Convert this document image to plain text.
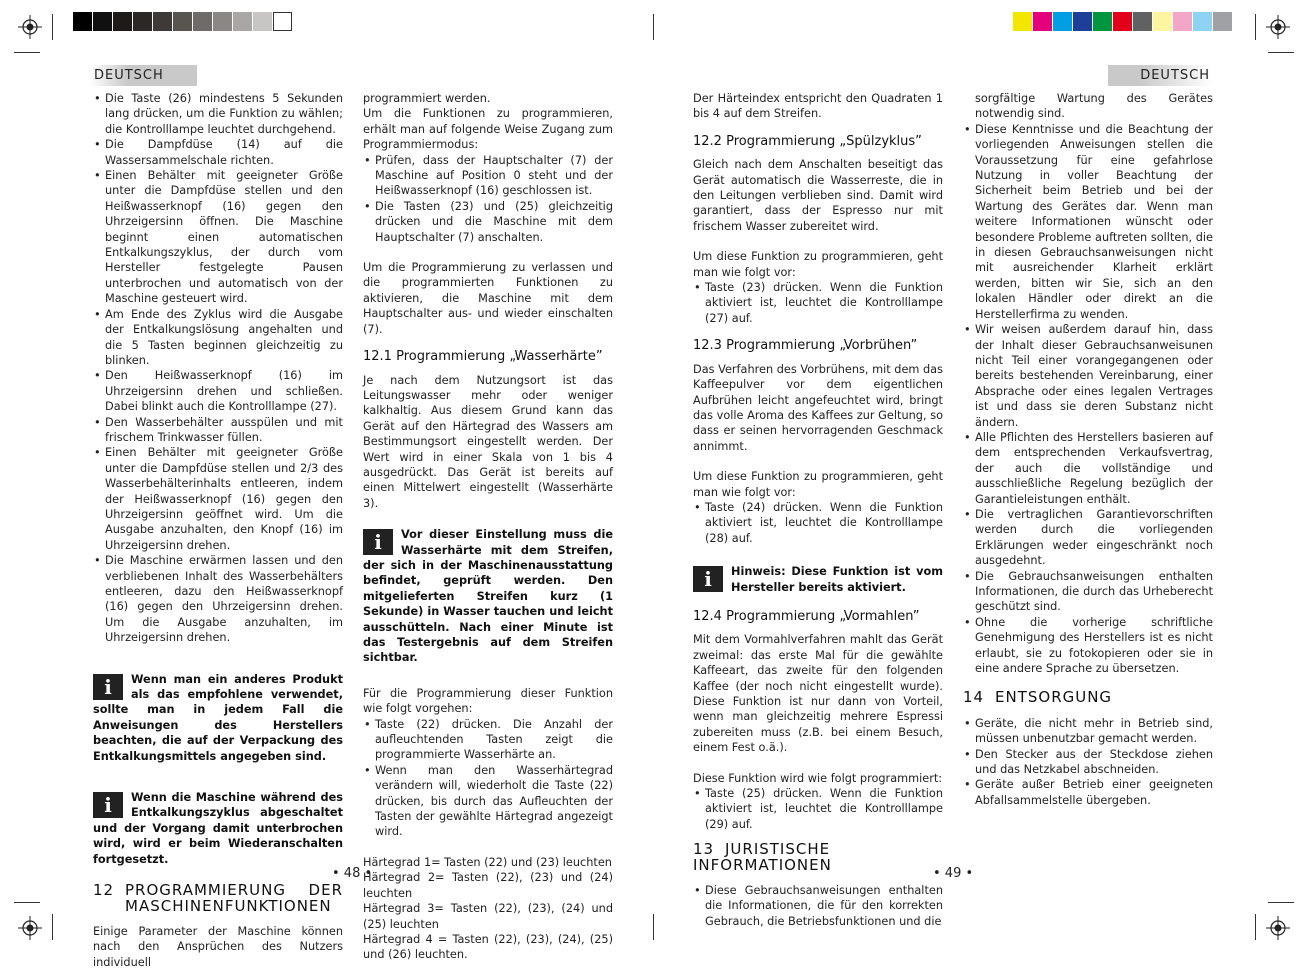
DEUTSCH	DEUTSCH
• Die Taste (26) mindestens 5 Sekunden lang drücken, um die Funktion zu wählen; die Kontrolllampe leuchtet durchgehend.
• Die Dampfdüse (14) auf die Wassersammelschale richten.
• Einen Behälter mit geeigneter Größe unter die Dampfdüse stellen und den Heißwasserknopf (16) gegen den Uhrzeigersinn öffnen. Die Maschine beginnt einen automatischen Entkalkungszyklus, der durch vom Hersteller festgelegte Pausen unterbrochen und automatisch von der Maschine gesteuert wird.
• Am Ende des Zyklus wird die Ausgabe der Entkalkungslösung angehalten und die 5 Tasten beginnen gleichzeitig zu blinken.
• Den Heißwasserknopf (16) im Uhrzeigersinn drehen und schließen. Dabei blinkt auch die Kontrolllampe (27).
• Den Wasserbehälter ausspülen und mit frischem Trinkwasser füllen.
• Einen Behälter mit geeigneter Größe unter die Dampfdüse stellen und 2/3 des Wasserbehälterinhalts entleeren, indem der Heißwasserknopf (16) gegen den Uhrzeigersinn geöffnet wird. Um die Ausgabe anzuhalten, den Knopf (16) im Uhrzeigersinn drehen.
• Die Maschine erwärmen lassen und den verbliebenen Inhalt des Wasserbehälters entleeren, dazu den Heißwasserknopf (16) gegen den Uhrzeigersinn drehen. Um die Ausgabe anzuhalten, im Uhrzeigersinn drehen.
i	Wenn man ein anderes Produkt als das empfohlene verwendet, sollte man in jedem Fall die Anweisungen des Herstellers beachten, die auf der Verpackung des Entkalkungsmittels angegeben sind.
i	Wenn die Maschine während des Entkalkungszyklus abgeschaltet und der Vorgang damit unterbrochen wird, wird er beim Wiederanschalten fortgesetzt.
12 PROGRAMMIERUNG DER MASCHINENFUNKTIONEN

Einige Parameter der Maschine können nach den Ansprüchen des Nutzers individuell

programmiert werden.

Um die Funktionen zu programmieren, erhält man auf folgende Weise Zugang zum Programmiermodus:

• Prüfen, dass der Hauptschalter (7) der Maschine auf Position 0 steht und der Heißwasserknopf (16) geschlossen ist.
• Die Tasten (23) und (25) gleichzeitig drücken und die Maschine mit dem Hauptschalter (7) anschalten.

Um die Programmierung zu verlassen und die programmierten Funktionen zu aktivieren, die Maschine mit dem Hauptschalter aus- und wieder einschalten (7).

12.1 Programmierung „Wasserhärte”

Je nach dem Nutzungsort ist das Leitungswasser mehr oder weniger kalkhaltig. Aus diesem Grund kann das Gerät auf den Härtegrad des Wassers am Bestimmungsort eingestellt werden. Der Wert wird in einer Skala von 1 bis 4 ausgedrückt. Das Gerät ist bereits auf einen Mittelwert eingestellt (Wasserhärte 3).

i	Vor dieser Einstellung muss die Wasserhärte mit dem Streifen, der sich in der Maschinenausstattung befindet, geprüft werden. Den mitgelieferten Streifen kurz (1 Sekunde) in Wasser tauchen und leicht ausschütteln. Nach einer Minute ist das Testergebnis auf dem Streifen sichtbar.

Für die Programmierung dieser Funktion wie folgt vorgehen:

• Taste (22) drücken. Die Anzahl der aufleuchtenden Tasten zeigt die programmierte Wasserhärte an.
• Wenn man den Wasserhärtegrad verändern will, wiederholt die Taste (22) drücken, bis durch das Aufleuchten der Tasten der gewählte Härtegrad angezeigt wird.

Härtegrad 1= Tasten (22) und (23) leuchten

Härtegrad 2= Tasten (22), (23) und (24) leuchten

Härtegrad 3= Tasten (22), (23), (24) und (25) leuchten

Härtegrad 4 = Tasten (22), (23), (24), (25) und (26) leuchten.

• 48 •

Der Härteindex entspricht den Quadraten 1 bis 4 auf dem Streifen.

12.2 Programmierung „Spülzyklus”

Gleich nach dem Anschalten beseitigt das Gerät automatisch die Wasserreste, die in den Leitungen verblieben sind. Damit wird garantiert, dass der Espresso nur mit frischem Wasser zubereitet wird.

Um diese Funktion zu programmieren, geht man wie folgt vor:

• Taste (23) drücken. Wenn die Funktion aktiviert ist, leuchtet die Kontrolllampe (27) auf.
12.3 Programmierung „Vorbrühen”

Das Verfahren des Vorbrühens, mit dem das Kaffeepulver vor dem eigentlichen Aufbrühen leicht angefeuchtet wird, bringt das volle Aroma des Kaffees zur Geltung, so dass er seinen hervorragenden Geschmack annimmt.

Um diese Funktion zu programmieren, geht man wie folgt vor:

• Taste (24) drücken. Wenn die Funktion aktiviert ist, leuchtet die Kontrolllampe (28) auf.
i	Hinweis: Diese Funktion ist vom Hersteller bereits aktiviert.
12.4 Programmierung „Vormahlen”

Mit dem Vormahlverfahren mahlt das Gerät zweimal: das erste Mal für die gewählte Kaffeeart, das zweite für den folgenden Kaffee (der noch nicht eingestellt wurde). Diese Funktion ist nur dann von Vorteil, wenn man gleichzeitig mehrere Espressi zubereiten muss (z.B. bei einem Besuch, einem Fest o.ä.).

Diese Funktion wird wie folgt programmiert:

• Taste (25) drücken. Wenn die Funktion aktiviert ist, leuchtet die Kontrolllampe (29) auf.
13 JURISTISCHE INFORMATIONEN
• Diese Gebrauchsanweisungen enthalten die Informationen, die für den korrekten Gebrauch, die Betriebsfunktionen und die

sorgfältige Wartung des Gerätes notwendig sind.

• Diese Kenntnisse und die Beachtung der vorliegenden Anweisungen stellen die Voraussetzung für eine gefahrlose Nutzung in voller Beachtung der Sicherheit beim Betrieb und bei der Wartung des Gerätes dar. Wenn man weitere Informationen wünscht oder besondere Probleme auftreten sollten, die in diesen Gebrauchsanweisungen nicht mit ausreichender Klarheit erklärt werden, bitten wir Sie, sich an den lokalen Händler oder direkt an die Herstellerfirma zu wenden.
• Wir weisen außerdem darauf hin, dass der Inhalt dieser Gebrauchsanweisunen nicht Teil einer vorangegangenen oder bereits bestehenden Vereinbarung, einer Absprache oder eines legalen Vertrages ist und dass sie deren Substanz nicht ändern.
• Alle Pflichten des Herstellers basieren auf dem entsprechenden Verkaufsvertrag, der auch die vollständige und ausschließliche Regelung bezüglich der Garantieleistungen enthält.
• Die vertraglichen Garantievorschriften werden durch die vorliegenden Erklärungen weder eingeschränkt noch ausgedehnt.
• Die Gebrauchsanweisungen enthalten Informationen, die durch das Urheberecht geschützt sind.
• Ohne die vorherige schriftliche Genehmigung des Herstellers ist es nicht erlaubt, sie zu fotokopieren oder sie in eine andere Sprache zu übersetzen.
14 ENTSORGUNG
• Geräte, die nicht mehr in Betrieb sind, müssen unbenutzbar gemacht werden.
• Den Stecker aus der Steckdose ziehen und das Netzkabel abschneiden.
• Geräte außer Betrieb einer geeigneten Abfallsammelstelle übergeben.
• 49 •
